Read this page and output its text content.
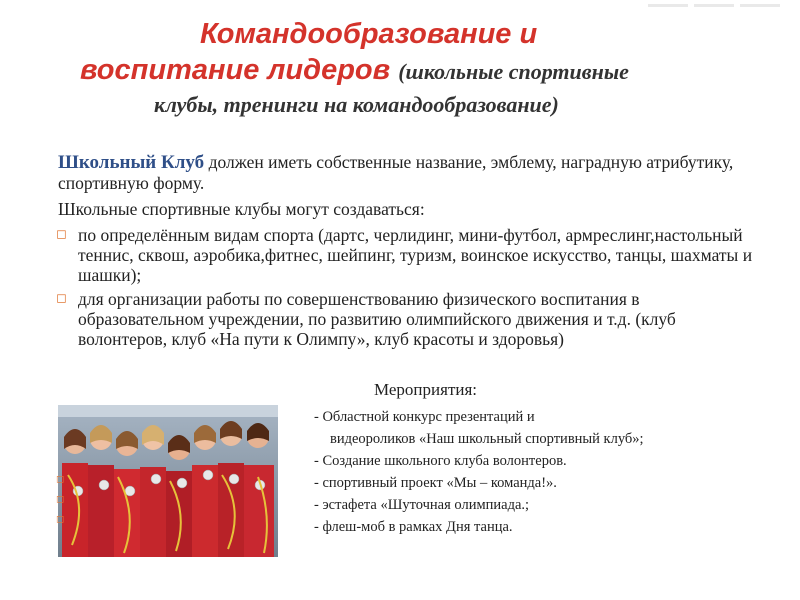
Командообразование и
воспитание лидеров (школьные спортивные
клубы, тренинги на командообразование)

Школьный Клуб должен иметь собственные название, эмблему, наградную атрибутику, спортивную форму.

Школьные спортивные клубы могут создаваться:

◻ по определённым видам спорта (дартс, черлидинг, мини-футбол, армреслинг,настольный теннис, сквош, аэробика,фитнес, шейпинг, туризм, воинское искусство, танцы, шахматы и шашки);
◻ для организации работы по совершенствованию физического воспитания в образовательном учреждении, по развитию олимпийского движения и т.д. (клуб волонтеров, клуб «На пути к Олимпу», клуб красоты и здоровья)
◻
◻
◻
Мероприятия:
- Областной конкурс презентаций и
видеороликов «Наш школьный спортивный клуб»;
- Создание школьного клуба волонтеров.
- спортивный проект «Мы – команда!».
- эстафета «Шуточная олимпиада.;
- флеш-моб в рамках Дня танца.
